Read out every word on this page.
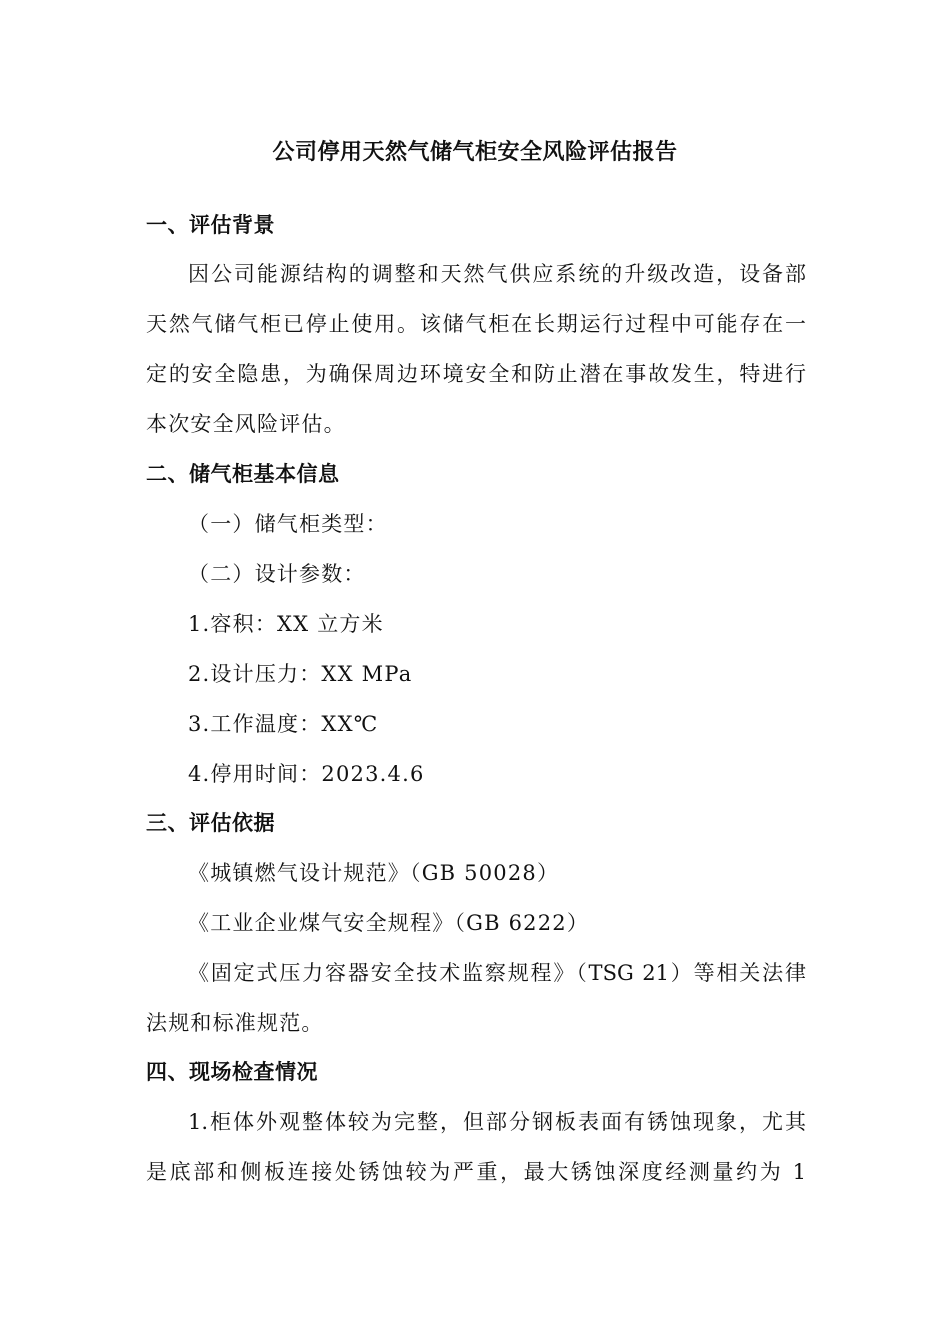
公司停用天然气储气柜安全风险评估报告
一、评估背景
因公司能源结构的调整和天然气供应系统的升级改造，设备部
天然气储气柜已停止使用。该储气柜在长期运行过程中可能存在一
定的安全隐患，为确保周边环境安全和防止潜在事故发生，特进行
本次安全风险评估。
二、储气柜基本信息
（一）储气柜类型：
（二）设计参数：
1.容积：XX 立方米
2.设计压力：XX MPa
3.工作温度：XX℃
4.停用时间：2023.4.6
三、评估依据
《城镇燃气设计规范》（GB 50028）
《工业企业煤气安全规程》（GB 6222）
《固定式压力容器安全技术监察规程》（TSG 21）等相关法律
法规和标准规范。
四、现场检查情况
1.柜体外观整体较为完整，但部分钢板表面有锈蚀现象，尤其
是底部和侧板连接处锈蚀较为严重，最大锈蚀深度经测量约为 1
